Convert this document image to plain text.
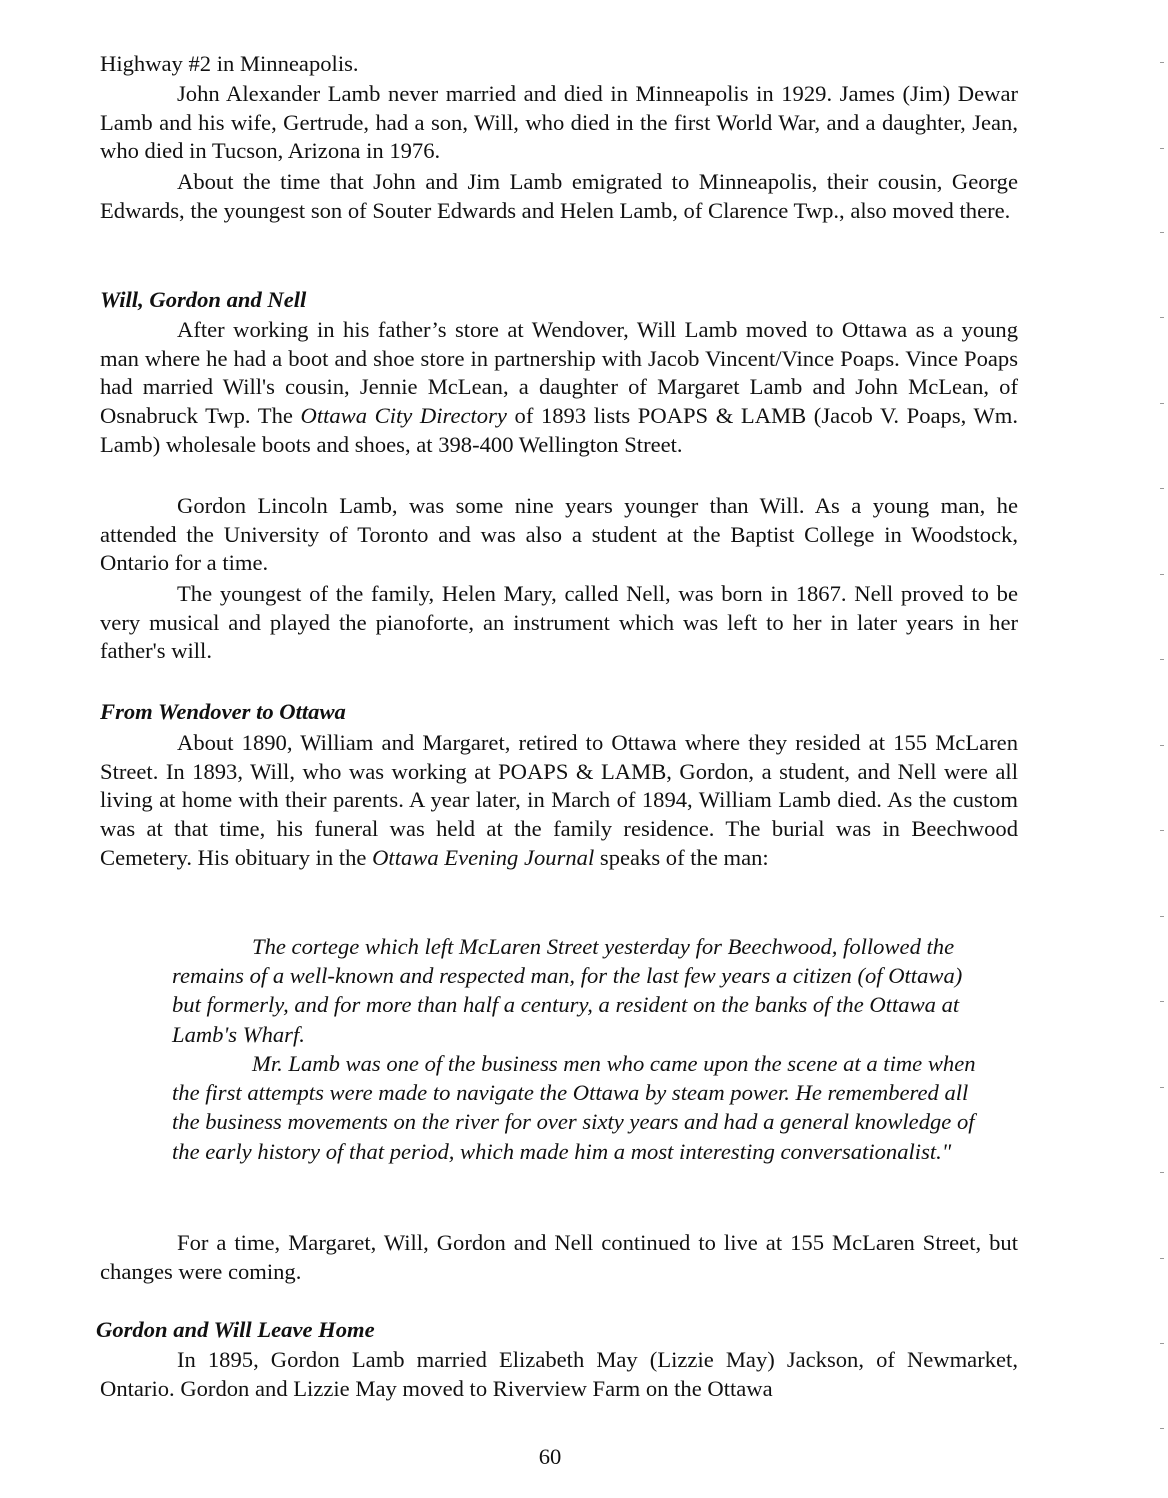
Highway #2 in Minneapolis.
John Alexander Lamb never married and died in Minneapolis in 1929. James (Jim) Dewar Lamb and his wife, Gertrude, had a son, Will, who died in the first World War, and a daughter, Jean, who died in Tucson, Arizona in 1976.
About the time that John and Jim Lamb emigrated to Minneapolis, their cousin, George Edwards, the youngest son of Souter Edwards and Helen Lamb, of Clarence Twp., also moved there.
Will, Gordon and Nell
After working in his father’s store at Wendover, Will Lamb moved to Ottawa as a young man where he had a boot and shoe store in partnership with Jacob Vincent/Vince Poaps. Vince Poaps had married Will's cousin, Jennie McLean, a daughter of Margaret Lamb and John McLean, of Osnabruck Twp. The Ottawa City Directory of 1893 lists POAPS & LAMB (Jacob V. Poaps, Wm. Lamb) wholesale boots and shoes, at 398-400 Wellington Street.
Gordon Lincoln Lamb, was some nine years younger than Will. As a young man, he attended the University of Toronto and was also a student at the Baptist College in Woodstock, Ontario for a time.
The youngest of the family, Helen Mary, called Nell, was born in 1867. Nell proved to be very musical and played the pianoforte, an instrument which was left to her in later years in her father's will.
From Wendover to Ottawa
About 1890, William and Margaret, retired to Ottawa where they resided at 155 McLaren Street. In 1893, Will, who was working at POAPS & LAMB, Gordon, a student, and Nell were all living at home with their parents. A year later, in March of 1894, William Lamb died. As the custom was at that time, his funeral was held at the family residence. The burial was in Beechwood Cemetery. His obituary in the Ottawa Evening Journal speaks of the man:
The cortege which left McLaren Street yesterday for Beechwood, followed the remains of a well-known and respected man, for the last few years a citizen (of Ottawa) but formerly, and for more than half a century, a resident on the banks of the Ottawa at Lamb's Wharf.
Mr. Lamb was one of the business men who came upon the scene at a time when the first attempts were made to navigate the Ottawa by steam power. He remembered all the business movements on the river for over sixty years and had a general knowledge of the early history of that period, which made him a most interesting conversationalist."
For a time, Margaret, Will, Gordon and Nell continued to live at 155 McLaren Street, but changes were coming.
Gordon and Will Leave Home
In 1895, Gordon Lamb married Elizabeth May (Lizzie May) Jackson, of Newmarket, Ontario. Gordon and Lizzie May moved to Riverview Farm on the Ottawa
60
